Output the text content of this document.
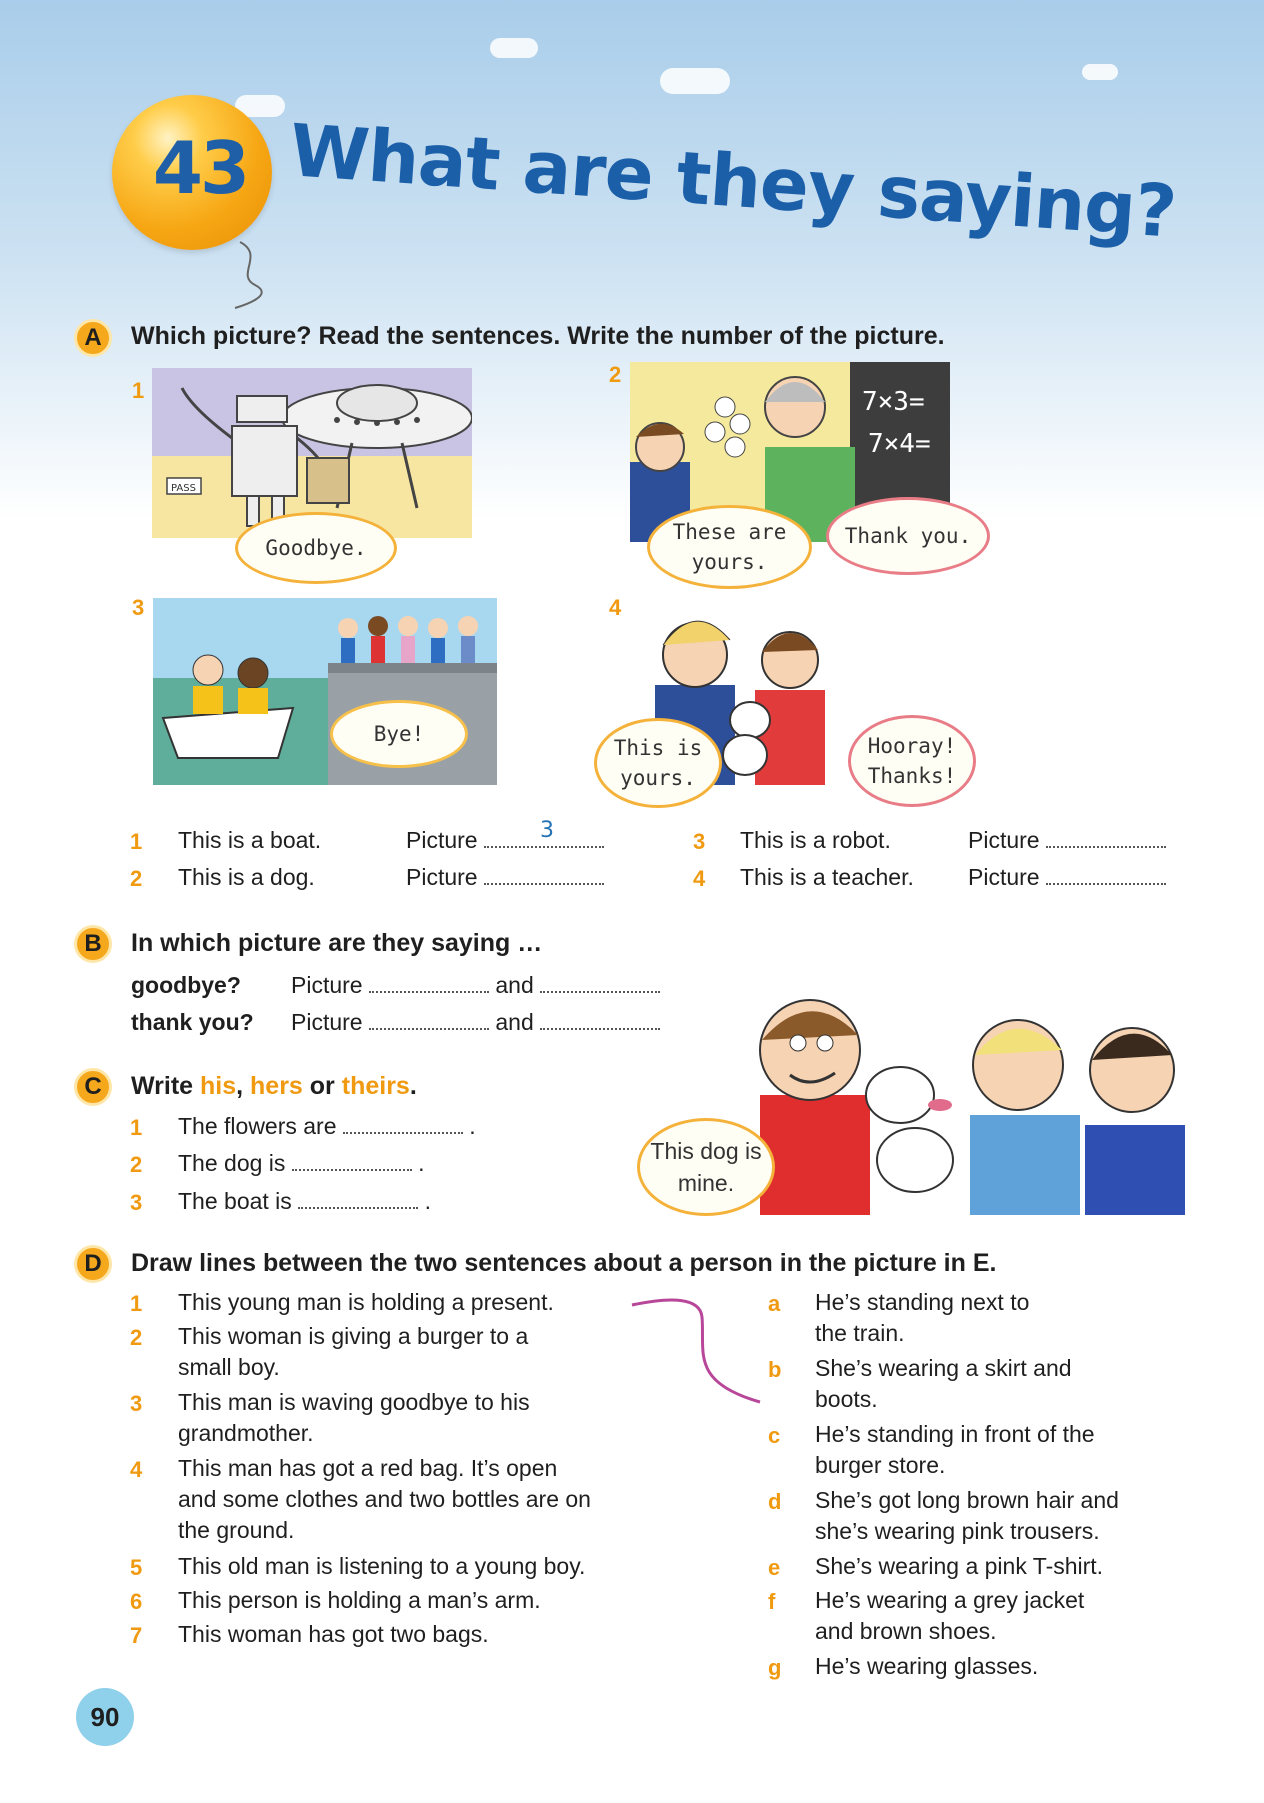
43 What are they saying?
A	Which picture? Read the sentences. Write the number of the picture.
1
PASS
Goodbye.
2
7×3=
7×4=
These are yours.
Thank you.
3
Bye!
4
This is yours.
Hooray! Thanks!
1 This is a boat.	Picture	3
2 This is a dog.	Picture
3 This is a robot.	Picture
4 This is a teacher. Picture
B	In which picture are they saying …
goodbye? Picture	and
thank you? Picture	and
C	Write his, hers or theirs.
1 The flowers are	.
2 The dog is	.
3 The boat is	.
This dog is mine.
D	Draw lines between the two sentences about a person in the picture in E.
1 This young man is holding a present.
2 This woman is giving a burger to a
small boy.
3 This man is waving goodbye to his
grandmother.
4 This man has got a red bag. It’s open
and some clothes and two bottles are on
the ground.
5 This old man is listening to a young boy.
6 This person is holding a man’s arm.
7 This woman has got two bags.
a He’s standing next to
the train.
b She’s wearing a skirt and
boots.
c He’s standing in front of the
burger store.
d She’s got long brown hair and
she’s wearing pink trousers.
e She’s wearing a pink T-shirt.
f He’s wearing a grey jacket
and brown shoes.
g He’s wearing glasses.
90
